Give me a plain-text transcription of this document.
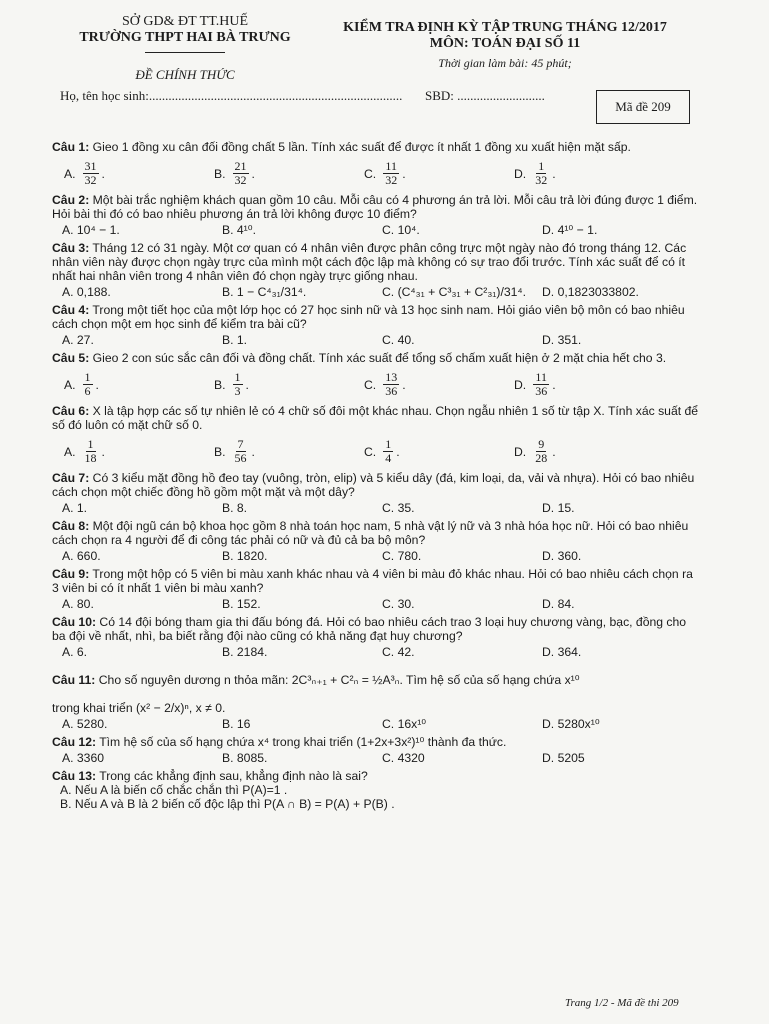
SỞ GD& ĐT TT.HUẾ
TRƯỜNG THPT HAI BÀ TRƯNG
ĐỀ CHÍNH THỨC
KIỂM TRA ĐỊNH KỲ TẬP TRUNG THÁNG 12/2017
MÔN: TOÁN ĐẠI SỐ 11
Thời gian làm bài: 45 phút;
Họ, tên học sinh:.............................................................................. SBD: ...........................
Mã đề 209
Câu 1: Gieo 1 đồng xu cân đối đồng chất 5 lần. Tính xác suất để được ít nhất 1 đồng xu xuất hiện mặt sấp.
A. $\frac{31}{32}$ .	B. $\frac{21}{32}$ .	C. $\frac{11}{32}$ .	D. $\frac{1}{32}$ .
Câu 2: Một bài trắc nghiệm khách quan gồm 10 câu. Mỗi câu có 4 phương án trả lời. Mỗi câu trả lời đúng được 1 điểm. Hỏi bài thi đó có bao nhiêu phương án trả lời không được 10 điểm?
A. 10⁴ − 1.	B. 4¹⁰.	C. 10⁴.	D. 4¹⁰ − 1.
Câu 3: Tháng 12 có 31 ngày. Một cơ quan có 4 nhân viên được phân công trực một ngày nào đó trong tháng 12. Các nhân viên này được chọn ngày trực của mình một cách độc lập mà không có sự trao đổi trước. Tính xác suất để có ít nhất hai nhân viên trong 4 nhân viên đó chọn ngày trực giống nhau.
A. 0,188.	B. 1 − C⁴₃₁/31⁴.	C. (C⁴₃₁ + C³₃₁ + C²₃₁)/31⁴.	D. 0,1823033802.
Câu 4: Trong một tiết học của một lớp học có 27 học sinh nữ và 13 học sinh nam. Hỏi giáo viên bộ môn có bao nhiêu cách chọn một em học sinh để kiểm tra bài cũ?
A. 27.	B. 1.	C. 40.	D. 351.
Câu 5: Gieo 2 con súc sắc cân đối và đồng chất. Tính xác suất để tổng số chấm xuất hiện ở 2 mặt chia hết cho 3.
A. $\frac{1}{6}$ .	B. $\frac{1}{3}$ .	C. $\frac{13}{36}$ .	D. $\frac{11}{36}$ .
Câu 6: X là tập hợp các số tự nhiên lẻ có 4 chữ số đôi một khác nhau. Chọn ngẫu nhiên 1 số từ tập X. Tính xác suất để số đó luôn có mặt chữ số 0.
A. $\frac{1}{18}$ .	B. $\frac{7}{56}$ .	C. $\frac{1}{4}$ .	D. $\frac{9}{28}$ .
Câu 7: Có 3 kiểu mặt đồng hồ đeo tay (vuông, tròn, elip) và 5 kiểu dây (đá, kim loại, da, vải và nhựa). Hỏi có bao nhiêu cách chọn một chiếc đồng hồ gồm một mặt và một dây?
A. 1.	B. 8.	C. 35.	D. 15.
Câu 8: Một đội ngũ cán bộ khoa học gồm 8 nhà toán học nam, 5 nhà vật lý nữ và 3 nhà hóa học nữ. Hỏi có bao nhiêu cách chọn ra 4 người để đi công tác phải có nữ và đủ cả ba bộ môn?
A. 660.	B. 1820.	C. 780.	D. 360.
Câu 9: Trong một hộp có 5 viên bi màu xanh khác nhau và 4 viên bi màu đỏ khác nhau. Hỏi có bao nhiêu cách chọn ra 3 viên bi có ít nhất 1 viên bi màu xanh?
A. 80.	B. 152.	C. 30.	D. 84.
Câu 10: Có 14 đội bóng tham gia thi đấu bóng đá. Hỏi có bao nhiêu cách trao 3 loại huy chương vàng, bạc, đồng cho ba đội về nhất, nhì, ba biết rằng đội nào cũng có khả năng đạt huy chương?
A. 6.	B. 2184.	C. 42.	D. 364.
Câu 11: Cho số nguyên dương n thỏa mãn: 2C³ₙ₊₁ + C²ₙ = ½A³ₙ. Tìm hệ số của số hạng chứa x¹⁰
trong khai triển (x² − 2/x)ⁿ, x ≠ 0.
A. 5280.	B. 16	C. 16x¹⁰	D. 5280x¹⁰
Câu 12: Tìm hệ số của số hạng chứa x⁴ trong khai triển (1+2x+3x²)¹⁰ thành đa thức.
A. 3360	B. 8085.	C. 4320	D. 5205
Câu 13: Trong các khẳng định sau, khẳng định nào là sai?
A. Nếu A là biến cố chắc chắn thì P(A)=1 .
B. Nếu A và B là 2 biến cố độc lập thì P(A ∩ B) = P(A) + P(B) .
Trang 1/2 - Mã đề thi 209
